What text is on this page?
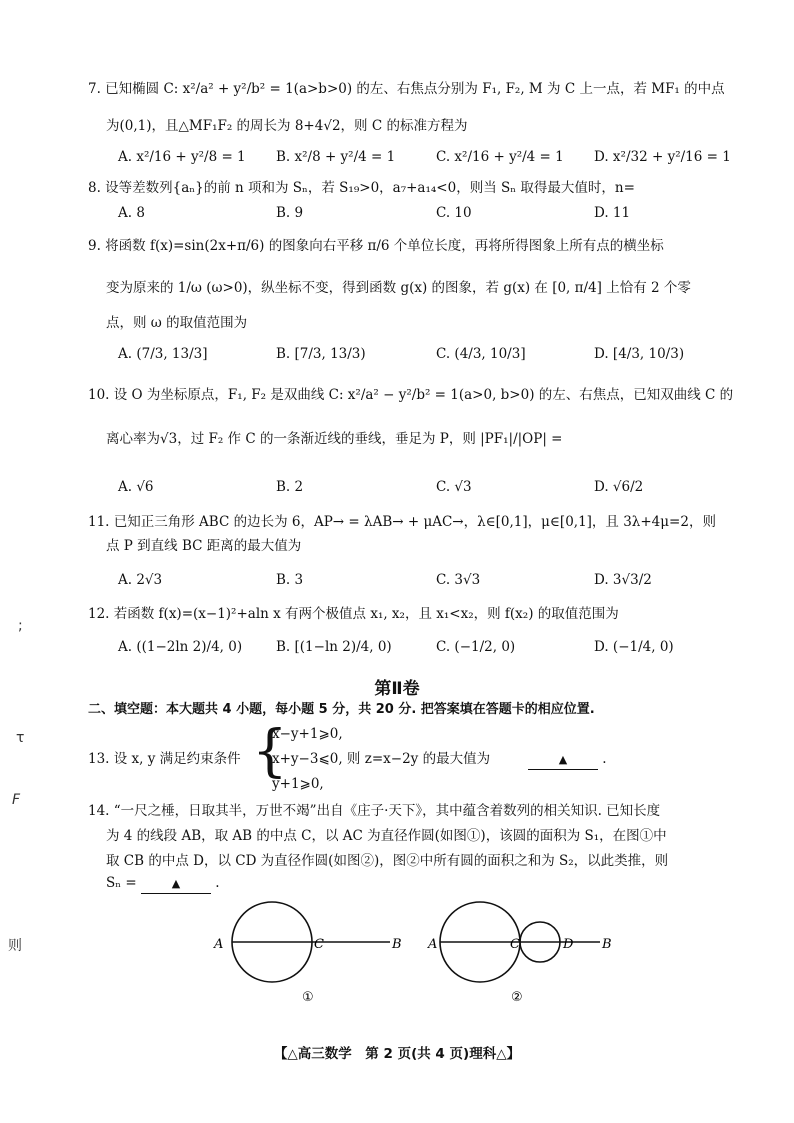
;
τ
F
则
7. 已知椭圆 C: x²/a² + y²/b² = 1(a>b>0) 的左、右焦点分别为 F₁, F₂, M 为 C 上一点，若 MF₁ 的中点
为(0,1)，且△MF₁F₂ 的周长为 8+4√2，则 C 的标准方程为
A. x²/16 + y²/8 = 1 B. x²/8 + y²/4 = 1	C. x²/16 + y²/4 = 1 D. x²/32 + y²/16 = 1
8. 设等差数列{aₙ}的前 n 项和为 Sₙ，若 S₁₉>0，a₇+a₁₄<0，则当 Sₙ 取得最大值时，n=
A. 8	B. 9	C. 10	D. 11
9. 将函数 f(x)=sin(2x+π/6) 的图象向右平移 π/6 个单位长度，再将所得图象上所有点的横坐标
变为原来的 1/ω (ω>0)，纵坐标不变，得到函数 g(x) 的图象，若 g(x) 在 [0, π/4] 上恰有 2 个零
点，则 ω 的取值范围为
A. (7/3, 13/3]	B. [7/3, 13/3)	C. (4/3, 10/3]	D. [4/3, 10/3)
10. 设 O 为坐标原点，F₁, F₂ 是双曲线 C: x²/a² − y²/b² = 1(a>0, b>0) 的左、右焦点，已知双曲线 C 的
离心率为√3，过 F₂ 作 C 的一条渐近线的垂线，垂足为 P，则 |PF₁|/|OP| =
A. √6	B. 2	C. √3	D. √6/2
11. 已知正三角形 ABC 的边长为 6，AP→ = λAB→ + μAC→，λ∈[0,1]，μ∈[0,1]，且 3λ+4μ=2，则
点 P 到直线 BC 距离的最大值为
A. 2√3	B. 3	C. 3√3	D. 3√3/2
12. 若函数 f(x)=(x−1)²+aln x 有两个极值点 x₁, x₂，且 x₁<x₂，则 f(x₂) 的取值范围为
A. ((1−2ln 2)/4, 0)	B. [(1−ln 2)/4, 0)	C. (−1/2, 0)	D. (−1/4, 0)
第Ⅱ卷
二、填空题：本大题共 4 小题，每小题 5 分，共 20 分. 把答案填在答题卡的相应位置.
13. 设 x, y 满足约束条件 {
x−y+1⩾0,
x+y−3⩽0, 则 z=x−2y 的最大值为	▲ .
y+1⩾0,
14. “一尺之棰，日取其半，万世不竭”出自《庄子·天下》，其中蕴含着数列的相关知识. 已知长度
为 4 的线段 AB，取 AB 的中点 C，以 AC 为直径作圆(如图①)，该圆的面积为 S₁，在图①中
取 CB 的中点 D，以 CD 为直径作圆(如图②)，图②中所有圆的面积之和为 S₂，以此类推，则
Sₙ =	▲ .
A	C	B
①
A	C	D B
②
【△高三数学　第 2 页(共 4 页)理科△】
